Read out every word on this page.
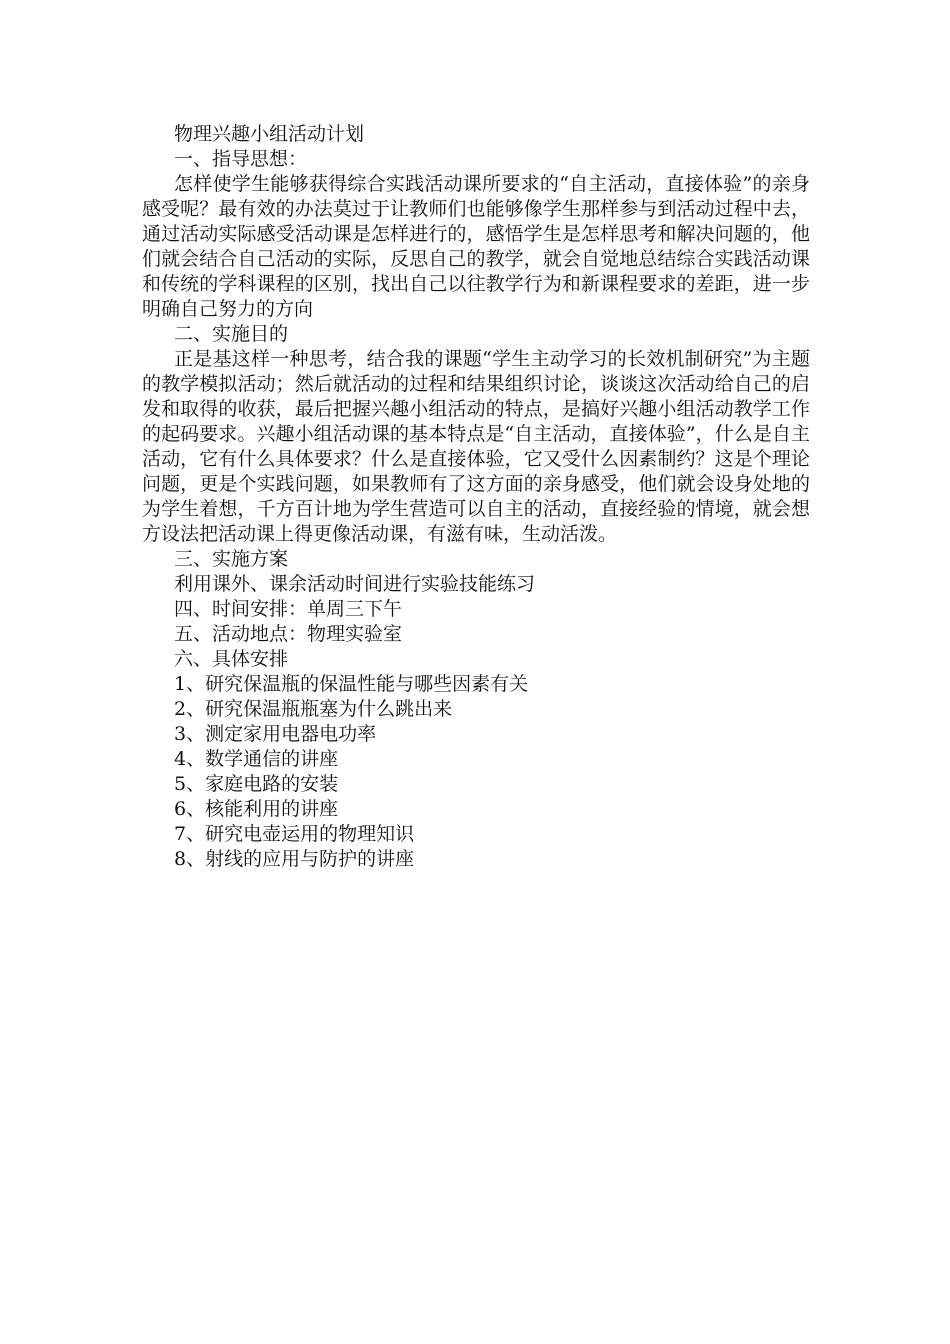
物理兴趣小组活动计划

一、指导思想：

怎样使学生能够获得综合实践活动课所要求的“自主活动，直接体验”的亲身感受呢？最有效的办法莫过于让教师们也能够像学生那样参与到活动过程中去，通过活动实际感受活动课是怎样进行的，感悟学生是怎样思考和解决问题的，他们就会结合自己活动的实际，反思自己的教学，就会自觉地总结综合实践活动课和传统的学科课程的区别，找出自己以往教学行为和新课程要求的差距，进一步明确自己努力的方向

二、实施目的

正是基这样一种思考，结合我的课题“学生主动学习的长效机制研究”为主题的教学模拟活动；然后就活动的过程和结果组织讨论，谈谈这次活动给自己的启发和取得的收获，最后把握兴趣小组活动的特点，是搞好兴趣小组活动教学工作的起码要求。兴趣小组活动课的基本特点是“自主活动，直接体验”，什么是自主活动，它有什么具体要求？什么是直接体验，它又受什么因素制约？这是个理论问题，更是个实践问题，如果教师有了这方面的亲身感受，他们就会设身处地的为学生着想，千方百计地为学生营造可以自主的活动，直接经验的情境，就会想方设法把活动课上得更像活动课，有滋有味，生动活泼。

三、实施方案

利用课外、课余活动时间进行实验技能练习

四、时间安排：单周三下午

五、活动地点：物理实验室

六、具体安排

1、研究保温瓶的保温性能与哪些因素有关

2、研究保温瓶瓶塞为什么跳出来

3、测定家用电器电功率

4、数学通信的讲座

5、家庭电路的安装

6、核能利用的讲座

7、研究电壶运用的物理知识

8、射线的应用与防护的讲座
